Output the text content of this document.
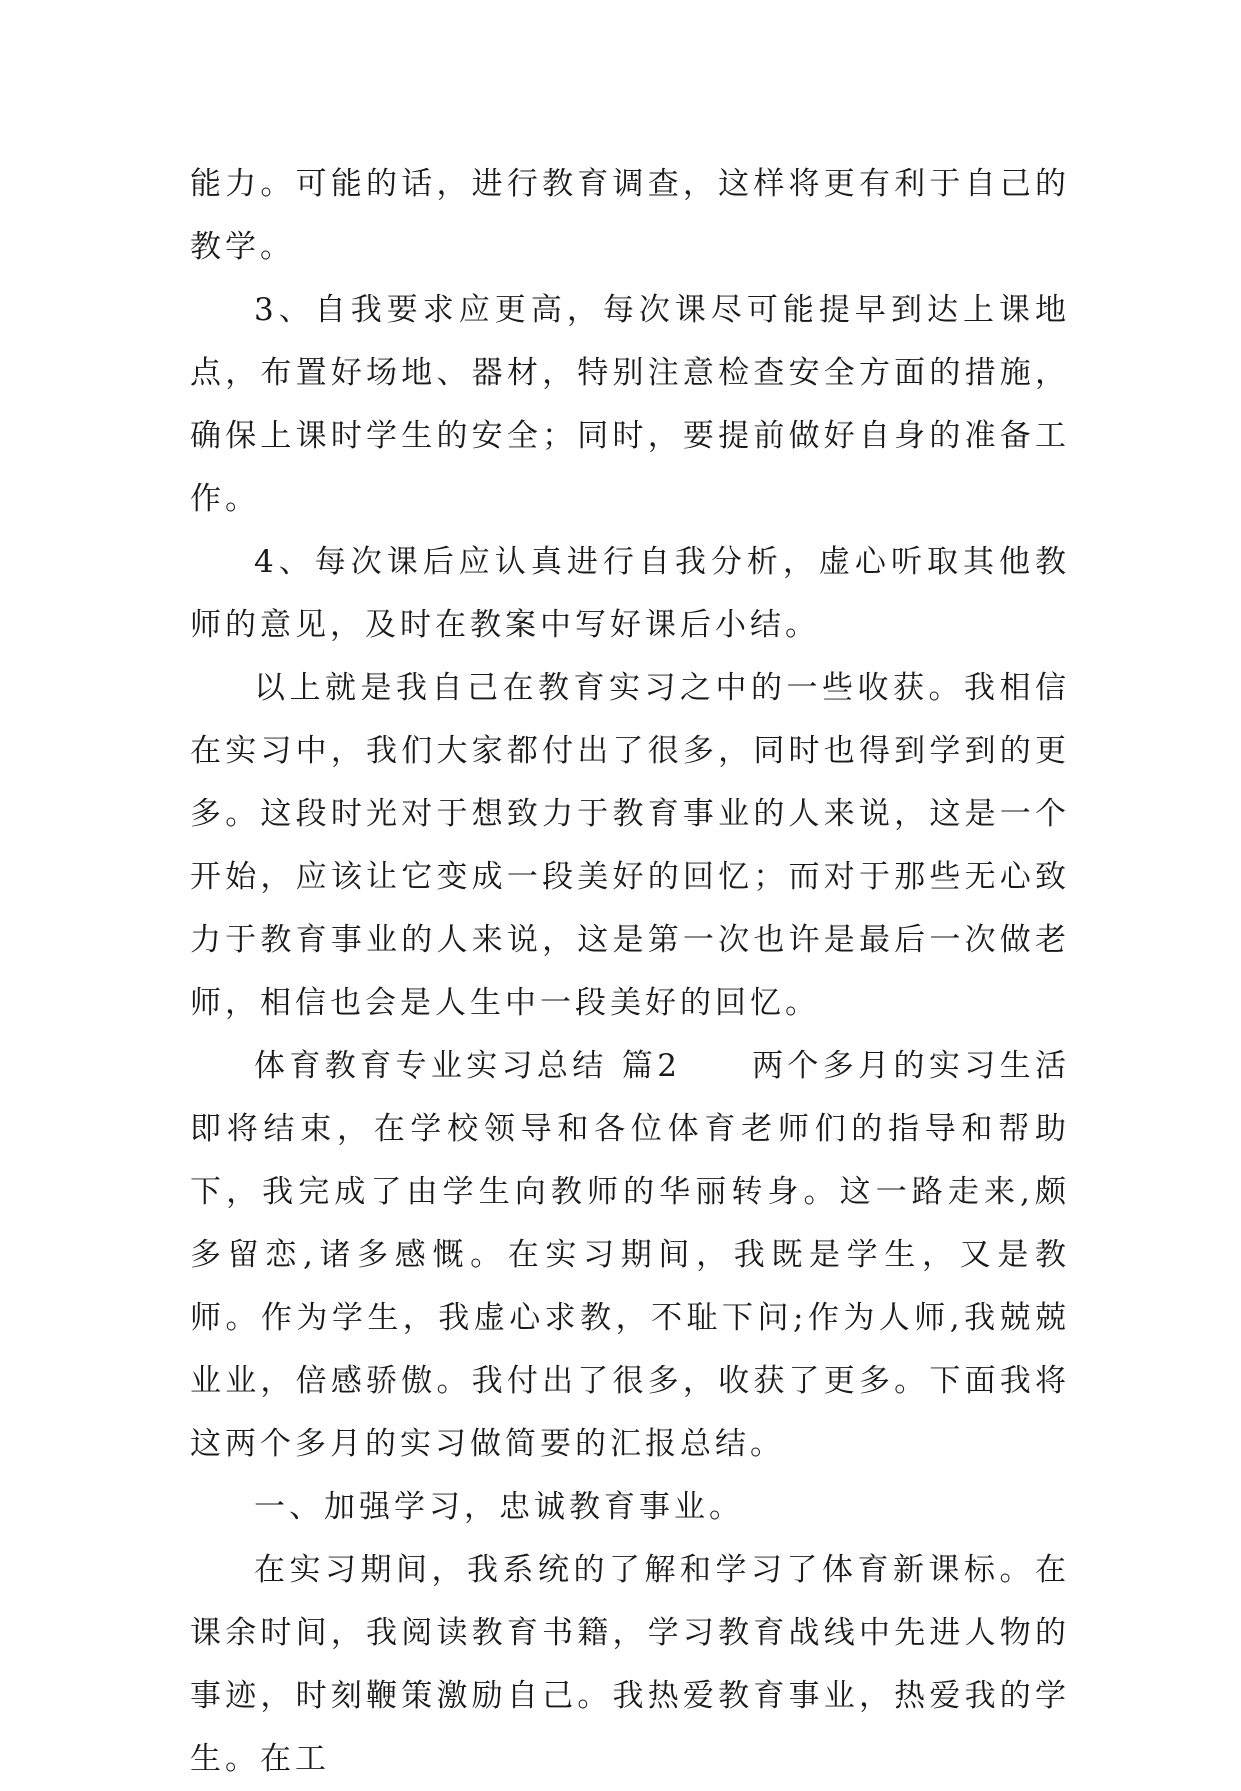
能力。可能的话，进行教育调查，这样将更有利于自己的教学。

3、自我要求应更高，每次课尽可能提早到达上课地点，布置好场地、器材，特别注意检查安全方面的措施，确保上课时学生的安全；同时，要提前做好自身的准备工作。

4、每次课后应认真进行自我分析，虚心听取其他教师的意见，及时在教案中写好课后小结。

以上就是我自己在教育实习之中的一些收获。我相信在实习中，我们大家都付出了很多，同时也得到学到的更多。这段时光对于想致力于教育事业的人来说，这是一个开始，应该让它变成一段美好的回忆；而对于那些无心致力于教育事业的人来说，这是第一次也许是最后一次做老师，相信也会是人生中一段美好的回忆。

体育教育专业实习总结 篇2　　两个多月的实习生活即将结束，在学校领导和各位体育老师们的指导和帮助下，我完成了由学生向教师的华丽转身。这一路走来,颇多留恋,诸多感慨。在实习期间，我既是学生，又是教师。作为学生，我虚心求教，不耻下问;作为人师,我兢兢业业，倍感骄傲。我付出了很多，收获了更多。下面我将这两个多月的实习做简要的汇报总结。

一、加强学习，忠诚教育事业。

在实习期间，我系统的了解和学习了体育新课标。在课余时间，我阅读教育书籍，学习教育战线中先进人物的事迹，时刻鞭策激励自己。我热爱教育事业，热爱我的学生。在工
